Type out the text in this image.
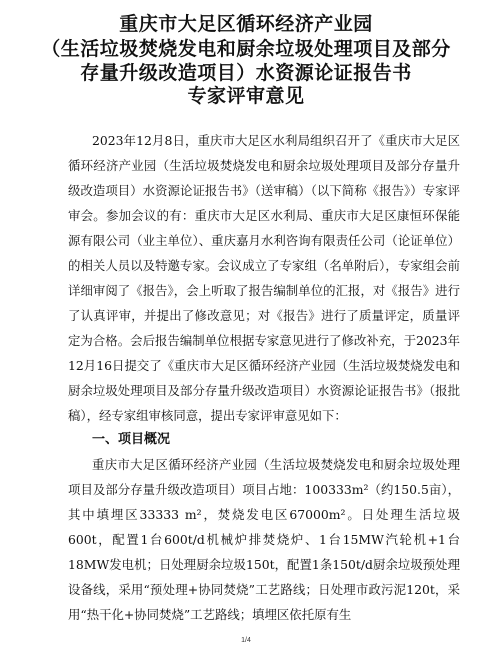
重庆市大足区循环经济产业园
（生活垃圾焚烧发电和厨余垃圾处理项目及部分
存量升级改造项目）水资源论证报告书
专家评审意见

2023年12月8日，重庆市大足区水利局组织召开了《重庆市大足区循环经济产业园（生活垃圾焚烧发电和厨余垃圾处理项目及部分存量升级改造项目）水资源论证报告书》（送审稿）（以下简称《报告》）专家评审会。参加会议的有：重庆市大足区水利局、重庆市大足区康恒环保能源有限公司（业主单位）、重庆嘉月水利咨询有限责任公司（论证单位）的相关人员以及特邀专家。会议成立了专家组（名单附后），专家组会前详细审阅了《报告》，会上听取了报告编制单位的汇报，对《报告》进行了认真评审，并提出了修改意见；对《报告》进行了质量评定，质量评定为合格。会后报告编制单位根据专家意见进行了修改补充，于2023年12月16日提交了《重庆市大足区循环经济产业园（生活垃圾焚烧发电和厨余垃圾处理项目及部分存量升级改造项目）水资源论证报告书》（报批稿），经专家组审核同意，提出专家评审意见如下：

一、项目概况

重庆市大足区循环经济产业园（生活垃圾焚烧发电和厨余垃圾处理项目及部分存量升级改造项目）项目占地：100333m²（约150.5亩），其中填埋区33333 m²，焚烧发电区67000m²。日处理生活垃圾600t，配置1台600t/d机械炉排焚烧炉、1台15MW汽轮机+1台18MW发电机；日处理厨余垃圾150t，配置1条150t/d厨余垃圾预处理设备线，采用“预处理+协同焚烧”工艺路线；日处理市政污泥120t，采用“热干化+协同焚烧”工艺路线；填埋区依托原有生

1/4
